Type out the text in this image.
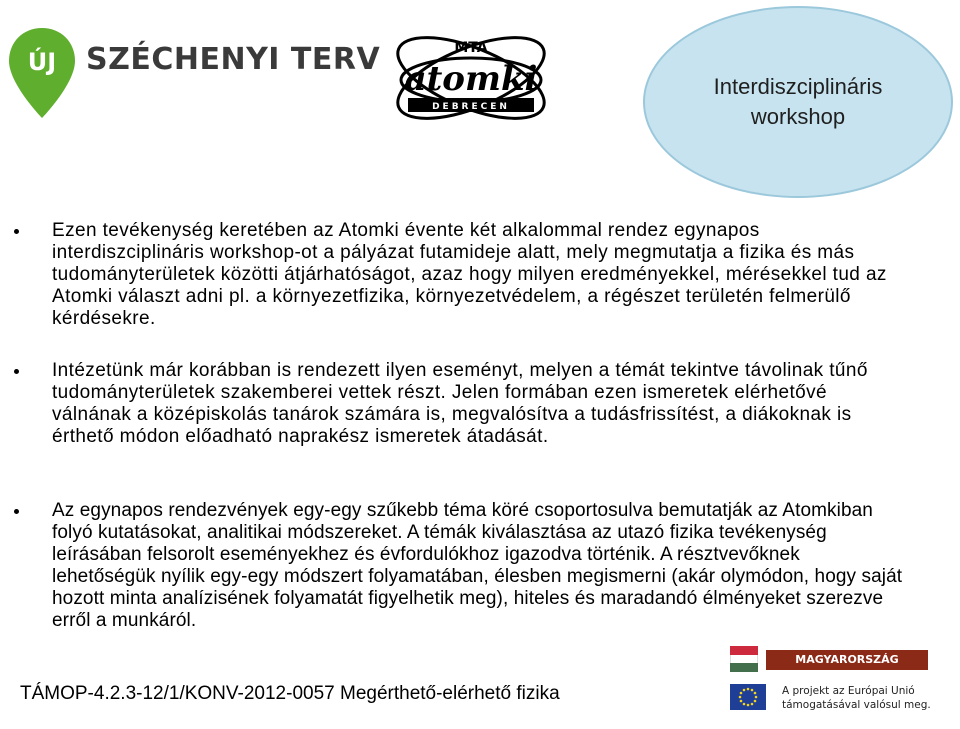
ÚJ SZÉCHENYI TERV	MTA
atomki
DEBRECEN
Interdiszciplináris
workshop
Ezen tevékenység keretében az Atomki évente két alkalommal rendez egynapos interdiszciplináris workshop-ot a pályázat futamideje alatt, mely megmutatja a fizika és más tudományterületek közötti átjárhatóságot, azaz hogy milyen eredményekkel, mérésekkel tud az Atomki választ adni pl. a környezetfizika, környezetvédelem, a régészet területén felmerülő kérdésekre.
Intézetünk már korábban is rendezett ilyen eseményt, melyen a témát tekintve távolinak tűnő tudományterületek szakemberei vettek részt. Jelen formában ezen ismeretek elérhetővé válnának a középiskolás tanárok számára is, megvalósítva a tudásfrissítést, a diákoknak is érthető módon előadható naprakész ismeretek átadását.
Az egynapos rendezvények egy-egy szűkebb téma köré csoportosulva bemutatják az Atomkiban folyó kutatásokat, analitikai módszereket. A témák kiválasztása az utazó fizika tevékenység leírásában felsorolt eseményekhez és évfordulókhoz igazodva történik. A résztvevőknek lehetőségük nyílik egy-egy módszert folyamatában, élesben megismerni (akár olymódon, hogy saját hozott minta analízisének folyamatát figyelhetik meg), hiteles és maradandó élményeket szerezve erről a munkáról.
TÁMOP-4.2.3-12/1/KONV-2012-0057 Megérthető-elérhető fizika
MAGYARORSZÁG MEGÚJUL
A projekt az Európai Unió
támogatásával valósul meg.
